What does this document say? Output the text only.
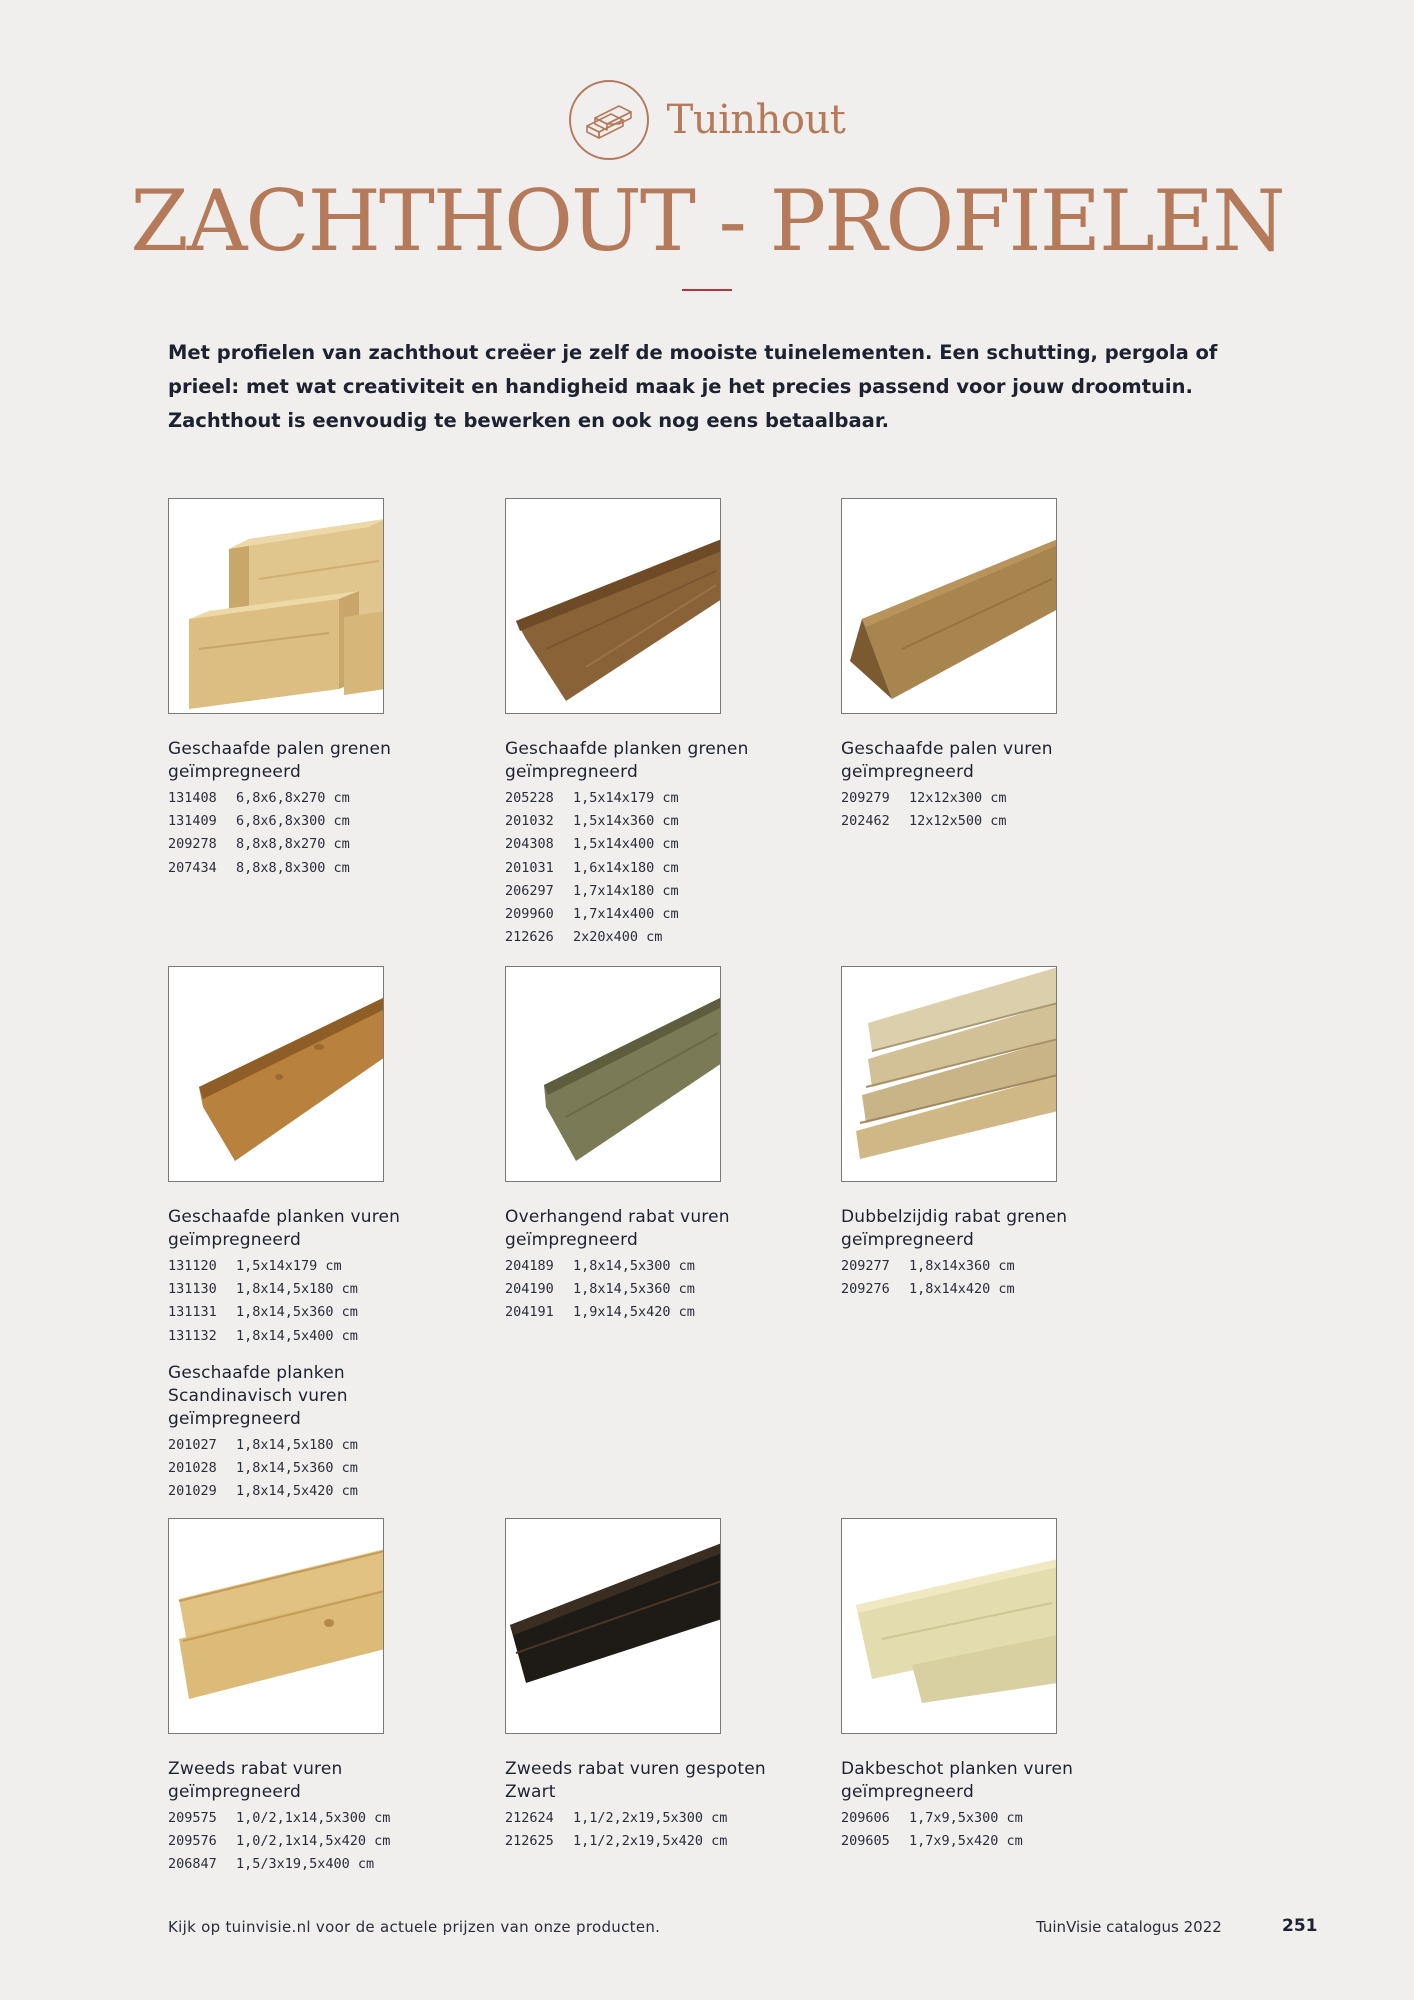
Tuinhout
ZACHTHOUT - PROFIELEN

Met profielen van zachthout creëer je zelf de mooiste tuinelementen. Een schutting, pergola of prieel: met wat creativiteit en handigheid maak je het precies passend voor jouw droomtuin. Zachthout is eenvoudig te bewerken en ook nog eens betaalbaar.

Geschaafde palen grenen geïmpregneerd
131408 6,8x6,8x270 cm
131409 6,8x6,8x300 cm
209278 8,8x8,8x270 cm
207434 8,8x8,8x300 cm
Geschaafde planken grenen geïmpregneerd
205228 1,5x14x179 cm
201032 1,5x14x360 cm
204308 1,5x14x400 cm
201031 1,6x14x180 cm
206297 1,7x14x180 cm
209960 1,7x14x400 cm
212626 2x20x400 cm
Geschaafde palen vuren geïmpregneerd
209279 12x12x300 cm
202462 12x12x500 cm
Geschaafde planken vuren geïmpregneerd
131120 1,5x14x179 cm
131130 1,8x14,5x180 cm
131131 1,8x14,5x360 cm
131132 1,8x14,5x400 cm
Geschaafde planken Scandinavisch vuren geïmpregneerd
201027 1,8x14,5x180 cm
201028 1,8x14,5x360 cm
201029 1,8x14,5x420 cm
Overhangend rabat vuren geïmpregneerd
204189 1,8x14,5x300 cm
204190 1,8x14,5x360 cm
204191 1,9x14,5x420 cm
Dubbelzijdig rabat grenen geïmpregneerd
209277 1,8x14x360 cm
209276 1,8x14x420 cm
Zweeds rabat vuren geïmpregneerd
209575 1,0/2,1x14,5x300 cm
209576 1,0/2,1x14,5x420 cm
206847 1,5/3x19,5x400 cm
Zweeds rabat vuren gespoten Zwart
212624 1,1/2,2x19,5x300 cm
212625 1,1/2,2x19,5x420 cm
Dakbeschot planken vuren geïmpregneerd
209606 1,7x9,5x300 cm
209605 1,7x9,5x420 cm
Kijk op tuinvisie.nl voor de actuele prijzen van onze producten.	TuinVisie catalogus 2022	251
